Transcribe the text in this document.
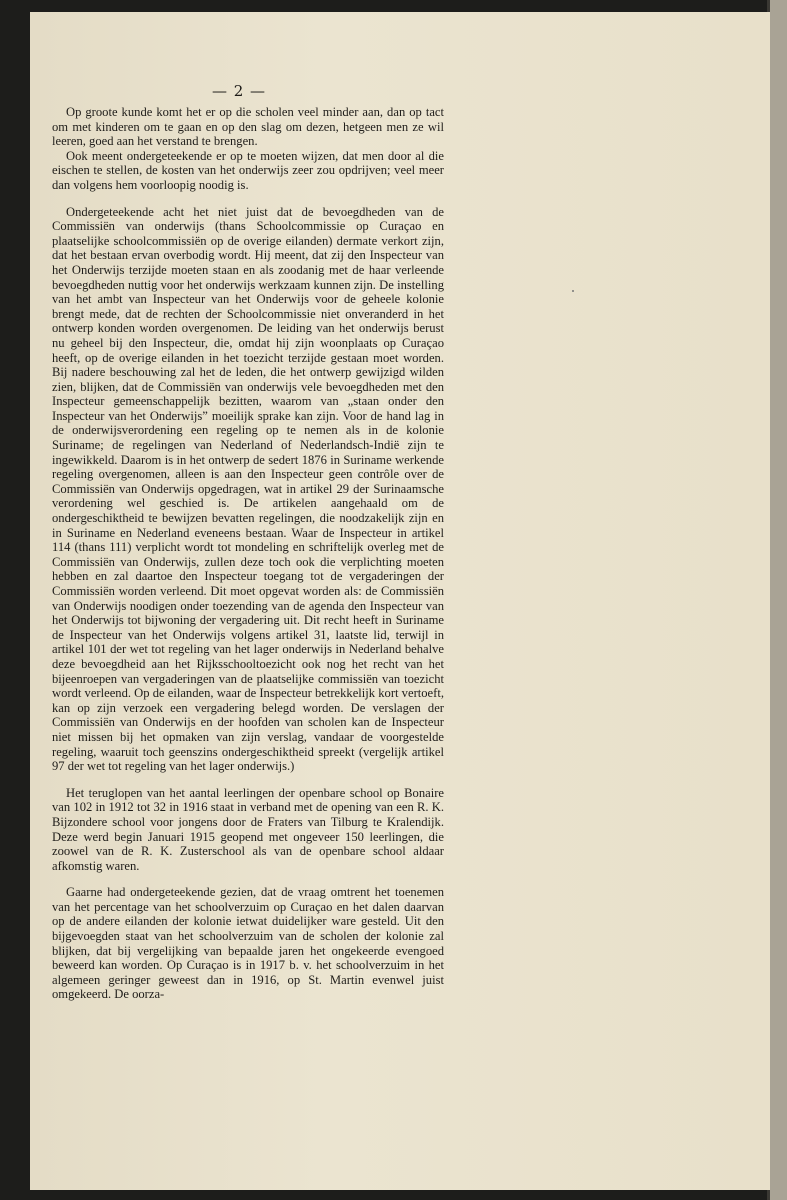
— 2 —

Op groote kunde komt het er op die scholen veel minder aan, dan op tact om met kinderen om te gaan en op den slag om dezen, hetgeen men ze wil leeren, goed aan het verstand te brengen.

Ook meent ondergeteekende er op te moeten wijzen, dat men door al die eischen te stellen, de kosten van het onderwijs zeer zou opdrijven; veel meer dan volgens hem voorloopig noodig is.

Ondergeteekende acht het niet juist dat de bevoegdheden van de Commissiën van onderwijs (thans Schoolcommissie op Curaçao en plaatselijke schoolcommissiën op de overige eilanden) dermate verkort zijn, dat het bestaan ervan overbodig wordt. Hij meent, dat zij den Inspecteur van het Onderwijs terzijde moeten staan en als zoodanig met de haar verleende bevoegdheden nuttig voor het onderwijs werkzaam kunnen zijn. De instelling van het ambt van Inspecteur van het Onderwijs voor de geheele kolonie brengt mede, dat de rechten der Schoolcommissie niet onveranderd in het ontwerp konden worden overgenomen. De leiding van het onderwijs berust nu geheel bij den Inspecteur, die, omdat hij zijn woonplaats op Curaçao heeft, op de overige eilanden in het toezicht terzijde gestaan moet worden. Bij nadere beschouwing zal het de leden, die het ontwerp gewijzigd wilden zien, blijken, dat de Commissiën van onderwijs vele bevoegdheden met den Inspecteur gemeenschappelijk bezitten, waarom van „staan onder den Inspecteur van het Onderwijs” moeilijk sprake kan zijn. Voor de hand lag in de onderwijsverordening een regeling op te nemen als in de kolonie Suriname; de regelingen van Nederland of Nederlandsch-Indië zijn te ingewikkeld. Daarom is in het ontwerp de sedert 1876 in Suriname werkende regeling overgenomen, alleen is aan den Inspecteur geen contrôle over de Commissiën van Onderwijs opgedragen, wat in artikel 29 der Surinaamsche verordening wel geschied is. De artikelen aangehaald om de ondergeschiktheid te bewijzen bevatten regelingen, die noodzakelijk zijn en in Suriname en Nederland eveneens bestaan. Waar de Inspecteur in artikel 114 (thans 111) verplicht wordt tot mondeling en schriftelijk overleg met de Commissiën van Onderwijs, zullen deze toch ook die verplichting moeten hebben en zal daartoe den Inspecteur toegang tot de vergaderingen der Commissiën worden verleend. Dit moet opgevat worden als: de Commissiën van Onderwijs noodigen onder toezending van de agenda den Inspecteur van het Onderwijs tot bijwoning der vergadering uit. Dit recht heeft in Suriname de Inspecteur van het Onderwijs volgens artikel 31, laatste lid, terwijl in artikel 101 der wet tot regeling van het lager onderwijs in Nederland behalve deze bevoegdheid aan het Rijksschooltoezicht ook nog het recht van het bijeenroepen van vergaderingen van de plaatselijke commissiën van toezicht wordt verleend. Op de eilanden, waar de Inspecteur betrekkelijk kort vertoeft, kan op zijn verzoek een vergadering belegd worden. De verslagen der Commissiën van Onderwijs en der hoofden van scholen kan de Inspecteur niet missen bij het opmaken van zijn verslag, vandaar de voorgestelde regeling, waaruit toch geenszins ondergeschiktheid spreekt (vergelijk artikel 97 der wet tot regeling van het lager onderwijs.)

Het teruglopen van het aantal leerlingen der openbare school op Bonaire van 102 in 1912 tot 32 in 1916 staat in verband met de opening van een R. K. Bijzondere school voor jongens door de Fraters van Tilburg te Kralendijk. Deze werd begin Januari 1915 geopend met ongeveer 150 leerlingen, die zoowel van de R. K. Zusterschool als van de openbare school aldaar afkomstig waren.

Gaarne had ondergeteekende gezien, dat de vraag omtrent het toenemen van het percentage van het schoolverzuim op Curaçao en het dalen daarvan op de andere eilanden der kolonie ietwat duidelijker ware gesteld. Uit den bijgevoegden staat van het schoolverzuim van de scholen der kolonie zal blijken, dat bij vergelijking van bepaalde jaren het ongekeerde evengoed beweerd kan worden. Op Curaçao is in 1917 b. v. het schoolverzuim in het algemeen geringer geweest dan in 1916, op St. Martin evenwel juist omgekeerd. De oorza-
